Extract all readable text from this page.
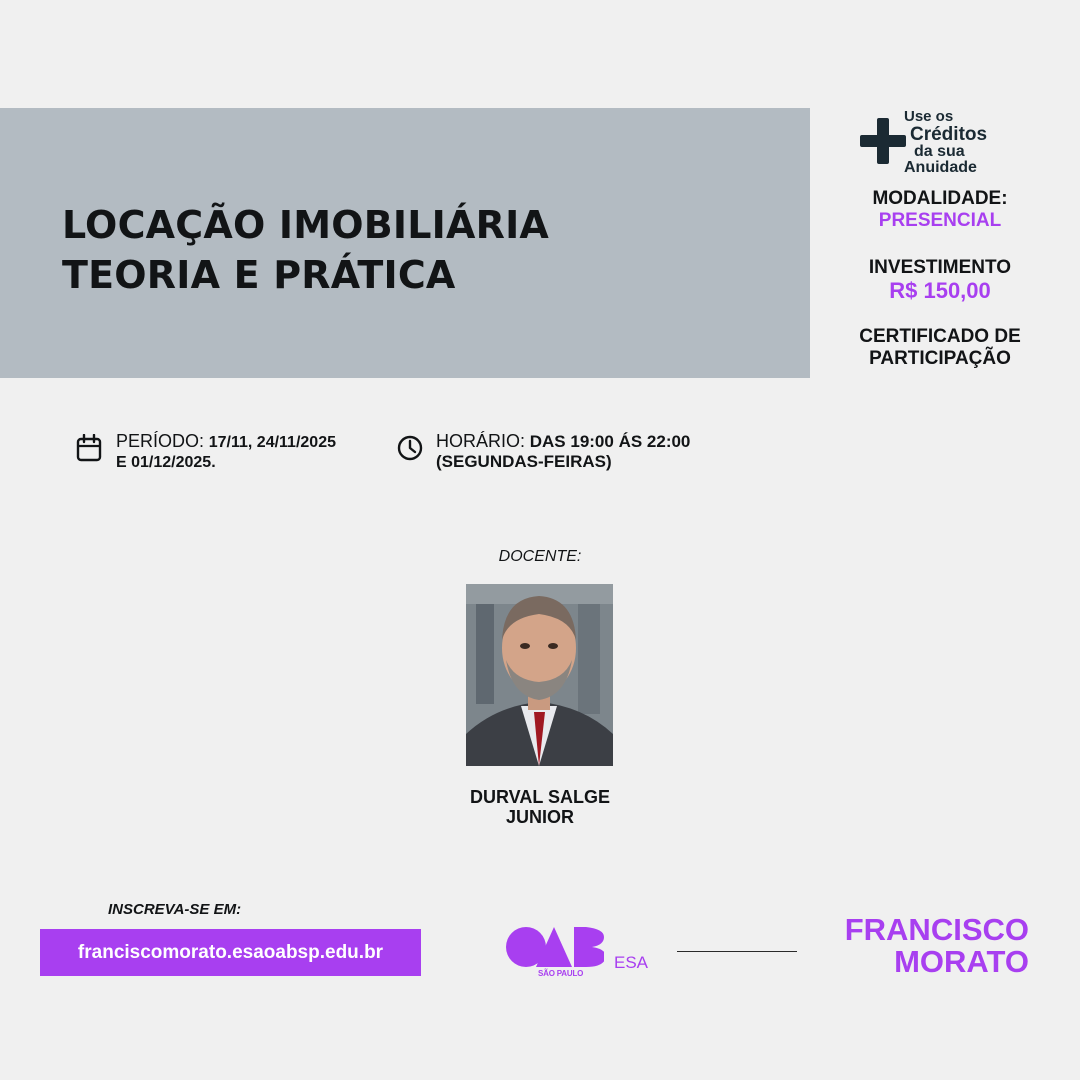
LOCAÇÃO IMOBILIÁRIA
TEORIA E PRÁTICA
Use os
Créditos
da sua
Anuidade
MODALIDADE:
PRESENCIAL
INVESTIMENTO
R$ 150,00
CERTIFICADO DE
PARTICIPAÇÃO
PERÍODO: 17/11, 24/11/2025
E 01/12/2025.
HORÁRIO: DAS 19:00 ÁS 22:00
(SEGUNDAS-FEIRAS)
DOCENTE:
DURVAL SALGE
JUNIOR
INSCREVA-SE EM:
franciscomorato.esaoabsp.edu.br
SÃO PAULO
ESA
FRANCISCO
MORATO
